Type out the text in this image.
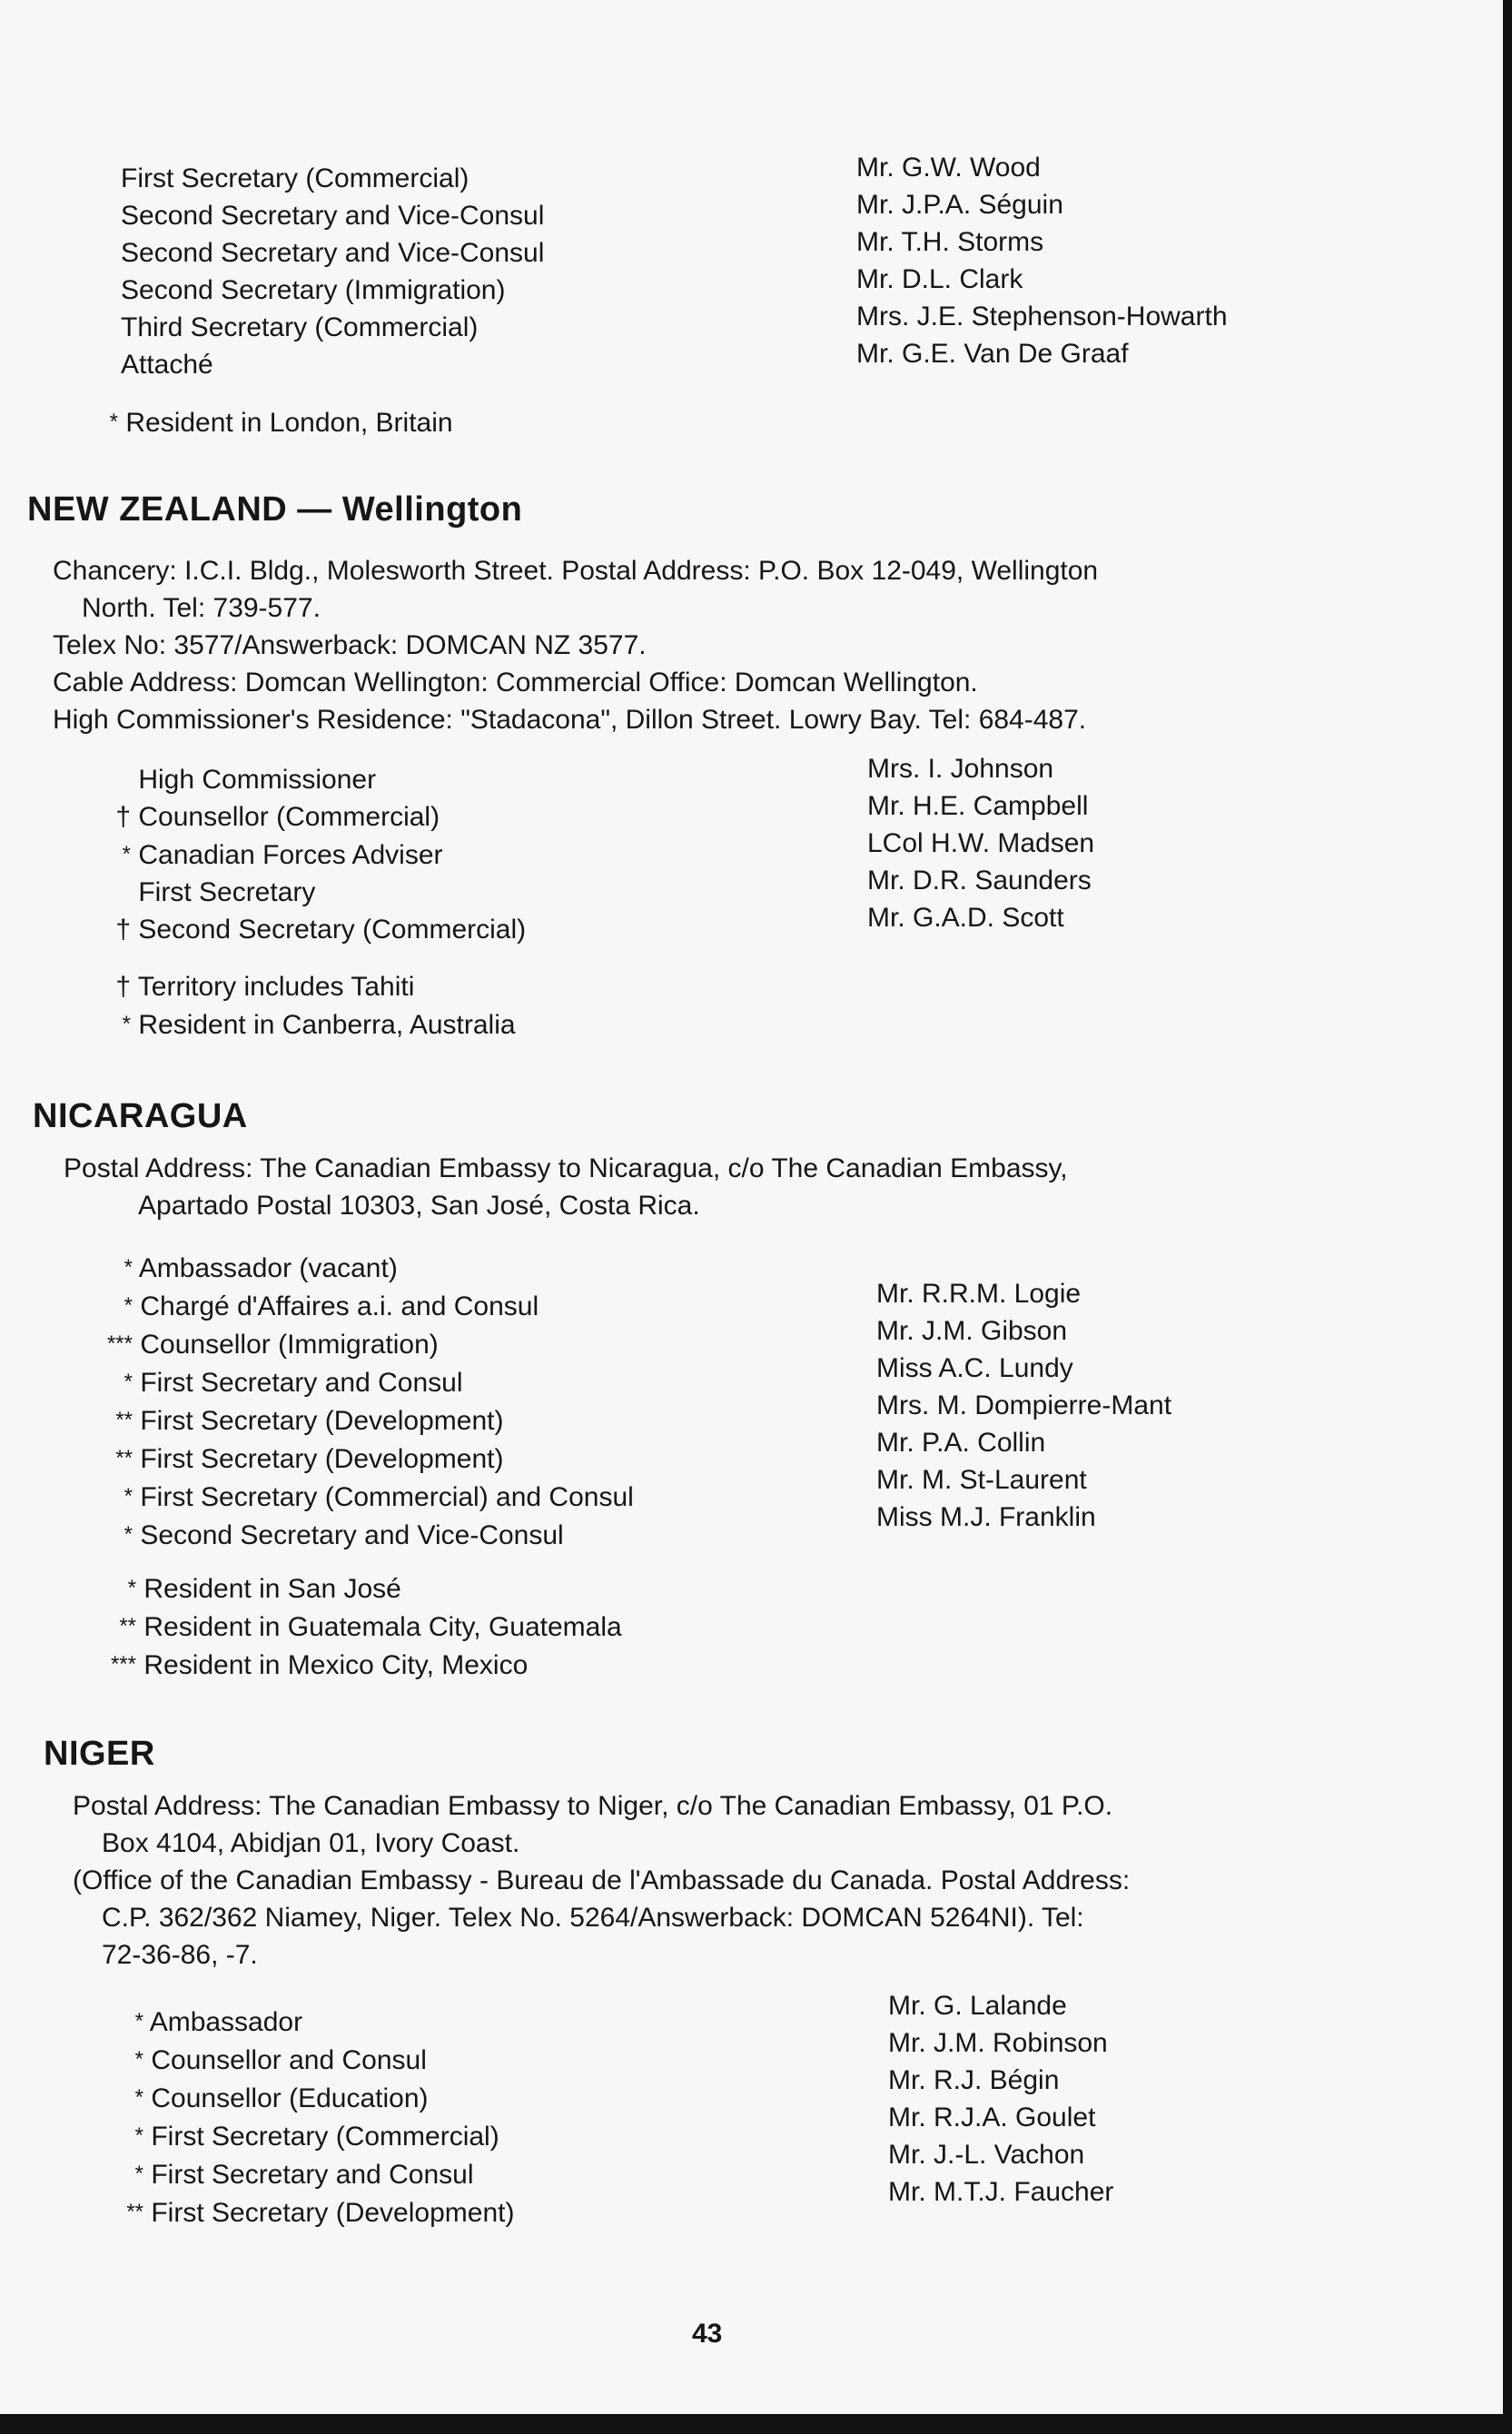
First Secretary (Commercial)
Second Secretary and Vice-Consul
Second Secretary and Vice-Consul
Second Secretary (Immigration)
Third Secretary (Commercial)
Attaché
Mr. G.W. Wood
Mr. J.P.A. Séguin
Mr. T.H. Storms
Mr. D.L. Clark
Mrs. J.E. Stephenson-Howarth
Mr. G.E. Van De Graaf
* Resident in London, Britain
NEW ZEALAND — Wellington
Chancery: I.C.I. Bldg., Molesworth Street. Postal Address: P.O. Box 12-049, Wellington
North. Tel: 739-577.
Telex No: 3577/Answerback: DOMCAN NZ 3577.
Cable Address: Domcan Wellington: Commercial Office: Domcan Wellington.
High Commissioner's Residence: "Stadacona", Dillon Street. Lowry Bay. Tel: 684-487.
High Commissioner
† Counsellor (Commercial)
* Canadian Forces Adviser
First Secretary
† Second Secretary (Commercial)
Mrs. I. Johnson
Mr. H.E. Campbell
LCol H.W. Madsen
Mr. D.R. Saunders
Mr. G.A.D. Scott
† Territory includes Tahiti
* Resident in Canberra, Australia
NICARAGUA
Postal Address: The Canadian Embassy to Nicaragua, c/o The Canadian Embassy,
Apartado Postal 10303, San José, Costa Rica.
* Ambassador (vacant)
* Chargé d'Affaires a.i. and Consul
*** Counsellor (Immigration)
* First Secretary and Consul
** First Secretary (Development)
** First Secretary (Development)
* First Secretary (Commercial) and Consul
* Second Secretary and Vice-Consul
Mr. R.R.M. Logie
Mr. J.M. Gibson
Miss A.C. Lundy
Mrs. M. Dompierre-Mant
Mr. P.A. Collin
Mr. M. St-Laurent
Miss M.J. Franklin
* Resident in San José
** Resident in Guatemala City, Guatemala
*** Resident in Mexico City, Mexico
NIGER
Postal Address: The Canadian Embassy to Niger, c/o The Canadian Embassy, 01 P.O.
Box 4104, Abidjan 01, Ivory Coast.
(Office of the Canadian Embassy - Bureau de l'Ambassade du Canada. Postal Address:
C.P. 362/362 Niamey, Niger. Telex No. 5264/Answerback: DOMCAN 5264NI). Tel:
72-36-86, -7.
* Ambassador
* Counsellor and Consul
* Counsellor (Education)
* First Secretary (Commercial)
* First Secretary and Consul
** First Secretary (Development)
Mr. G. Lalande
Mr. J.M. Robinson
Mr. R.J. Bégin
Mr. R.J.A. Goulet
Mr. J.-L. Vachon
Mr. M.T.J. Faucher
43
